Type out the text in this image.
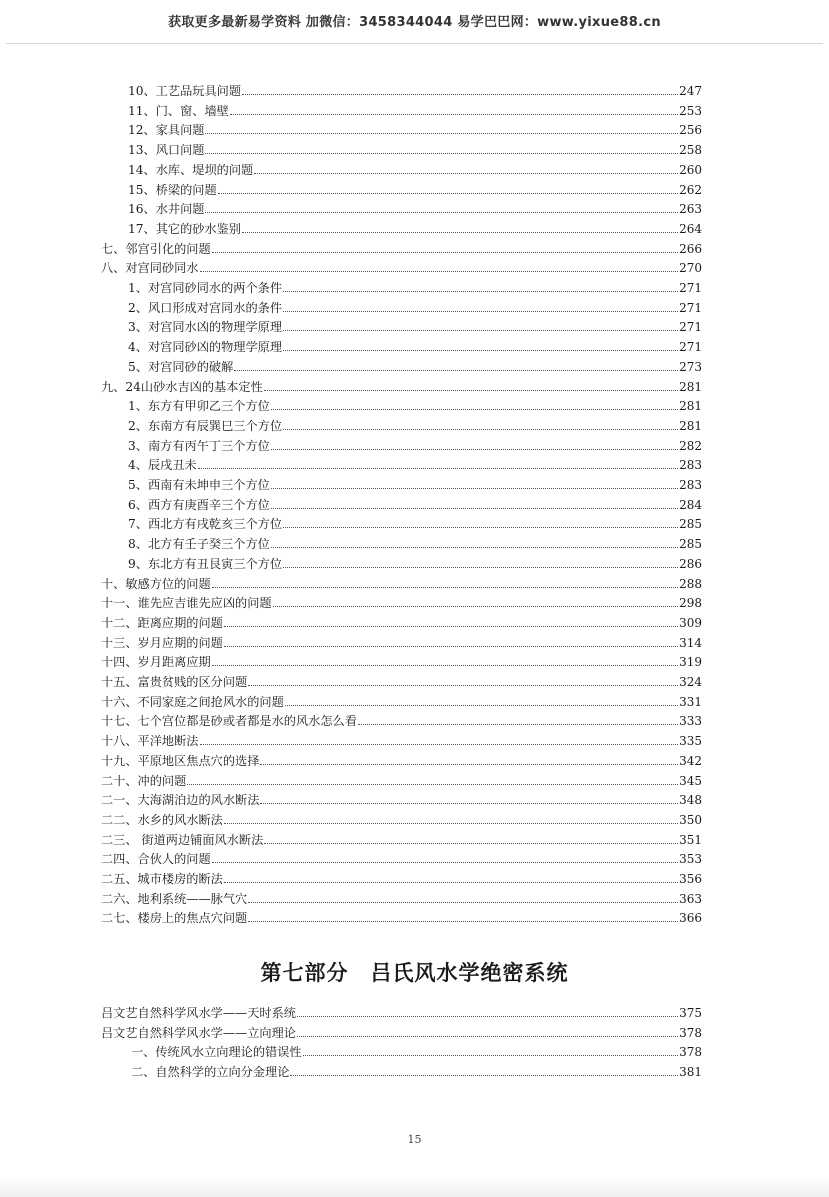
获取更多最新易学资料 加微信：3458344044 易学巴巴网：www.yixue88.cn
10、工艺品玩具问题	247
11、门、窗、墙壁	253
12、家具问题	256
13、风口问题	258
14、水库、堤坝的问题	260
15、桥梁的问题	262
16、水井问题	263
17、其它的砂水鉴别	264
七、邻宫引化的问题	266
八、对宫同砂同水	270
1、对宫同砂同水的两个条件	271
2、风口形成对宫同水的条件	271
3、对宫同水凶的物理学原理	271
4、对宫同砂凶的物理学原理	271
5、对宫同砂的破解	273
九、24山砂水吉凶的基本定性	281
1、东方有甲卯乙三个方位	281
2、东南方有辰巽巳三个方位	281
3、南方有丙午丁三个方位	282
4、辰戌丑未	283
5、西南有未坤申三个方位	283
6、西方有庚酉辛三个方位	284
7、西北方有戌乾亥三个方位	285
8、北方有壬子癸三个方位	285
9、东北方有丑艮寅三个方位	286
十、敏感方位的问题	288
十一、谁先应吉谁先应凶的问题	298
十二、距离应期的问题	309
十三、岁月应期的问题	314
十四、岁月距离应期	319
十五、富贵贫贱的区分问题	324
十六、不同家庭之间抢风水的问题	331
十七、七个宫位都是砂或者都是水的风水怎么看	333
十八、平洋地断法	335
十九、平原地区焦点穴的选择	342
二十、冲的问题	345
二一、大海湖泊边的风水断法	348
二二、水乡的风水断法	350
二三、 街道两边铺面风水断法	351
二四、合伙人的问题	353
二五、城市楼房的断法	356
二六、地利系统——脉气穴	363
二七、楼房上的焦点穴问题	366
第七部分　吕氏风水学绝密系统
吕文艺自然科学风水学——天时系统	375
吕文艺自然科学风水学——立向理论	378
一、传统风水立向理论的错误性	378
二、自然科学的立向分金理论	381
15
